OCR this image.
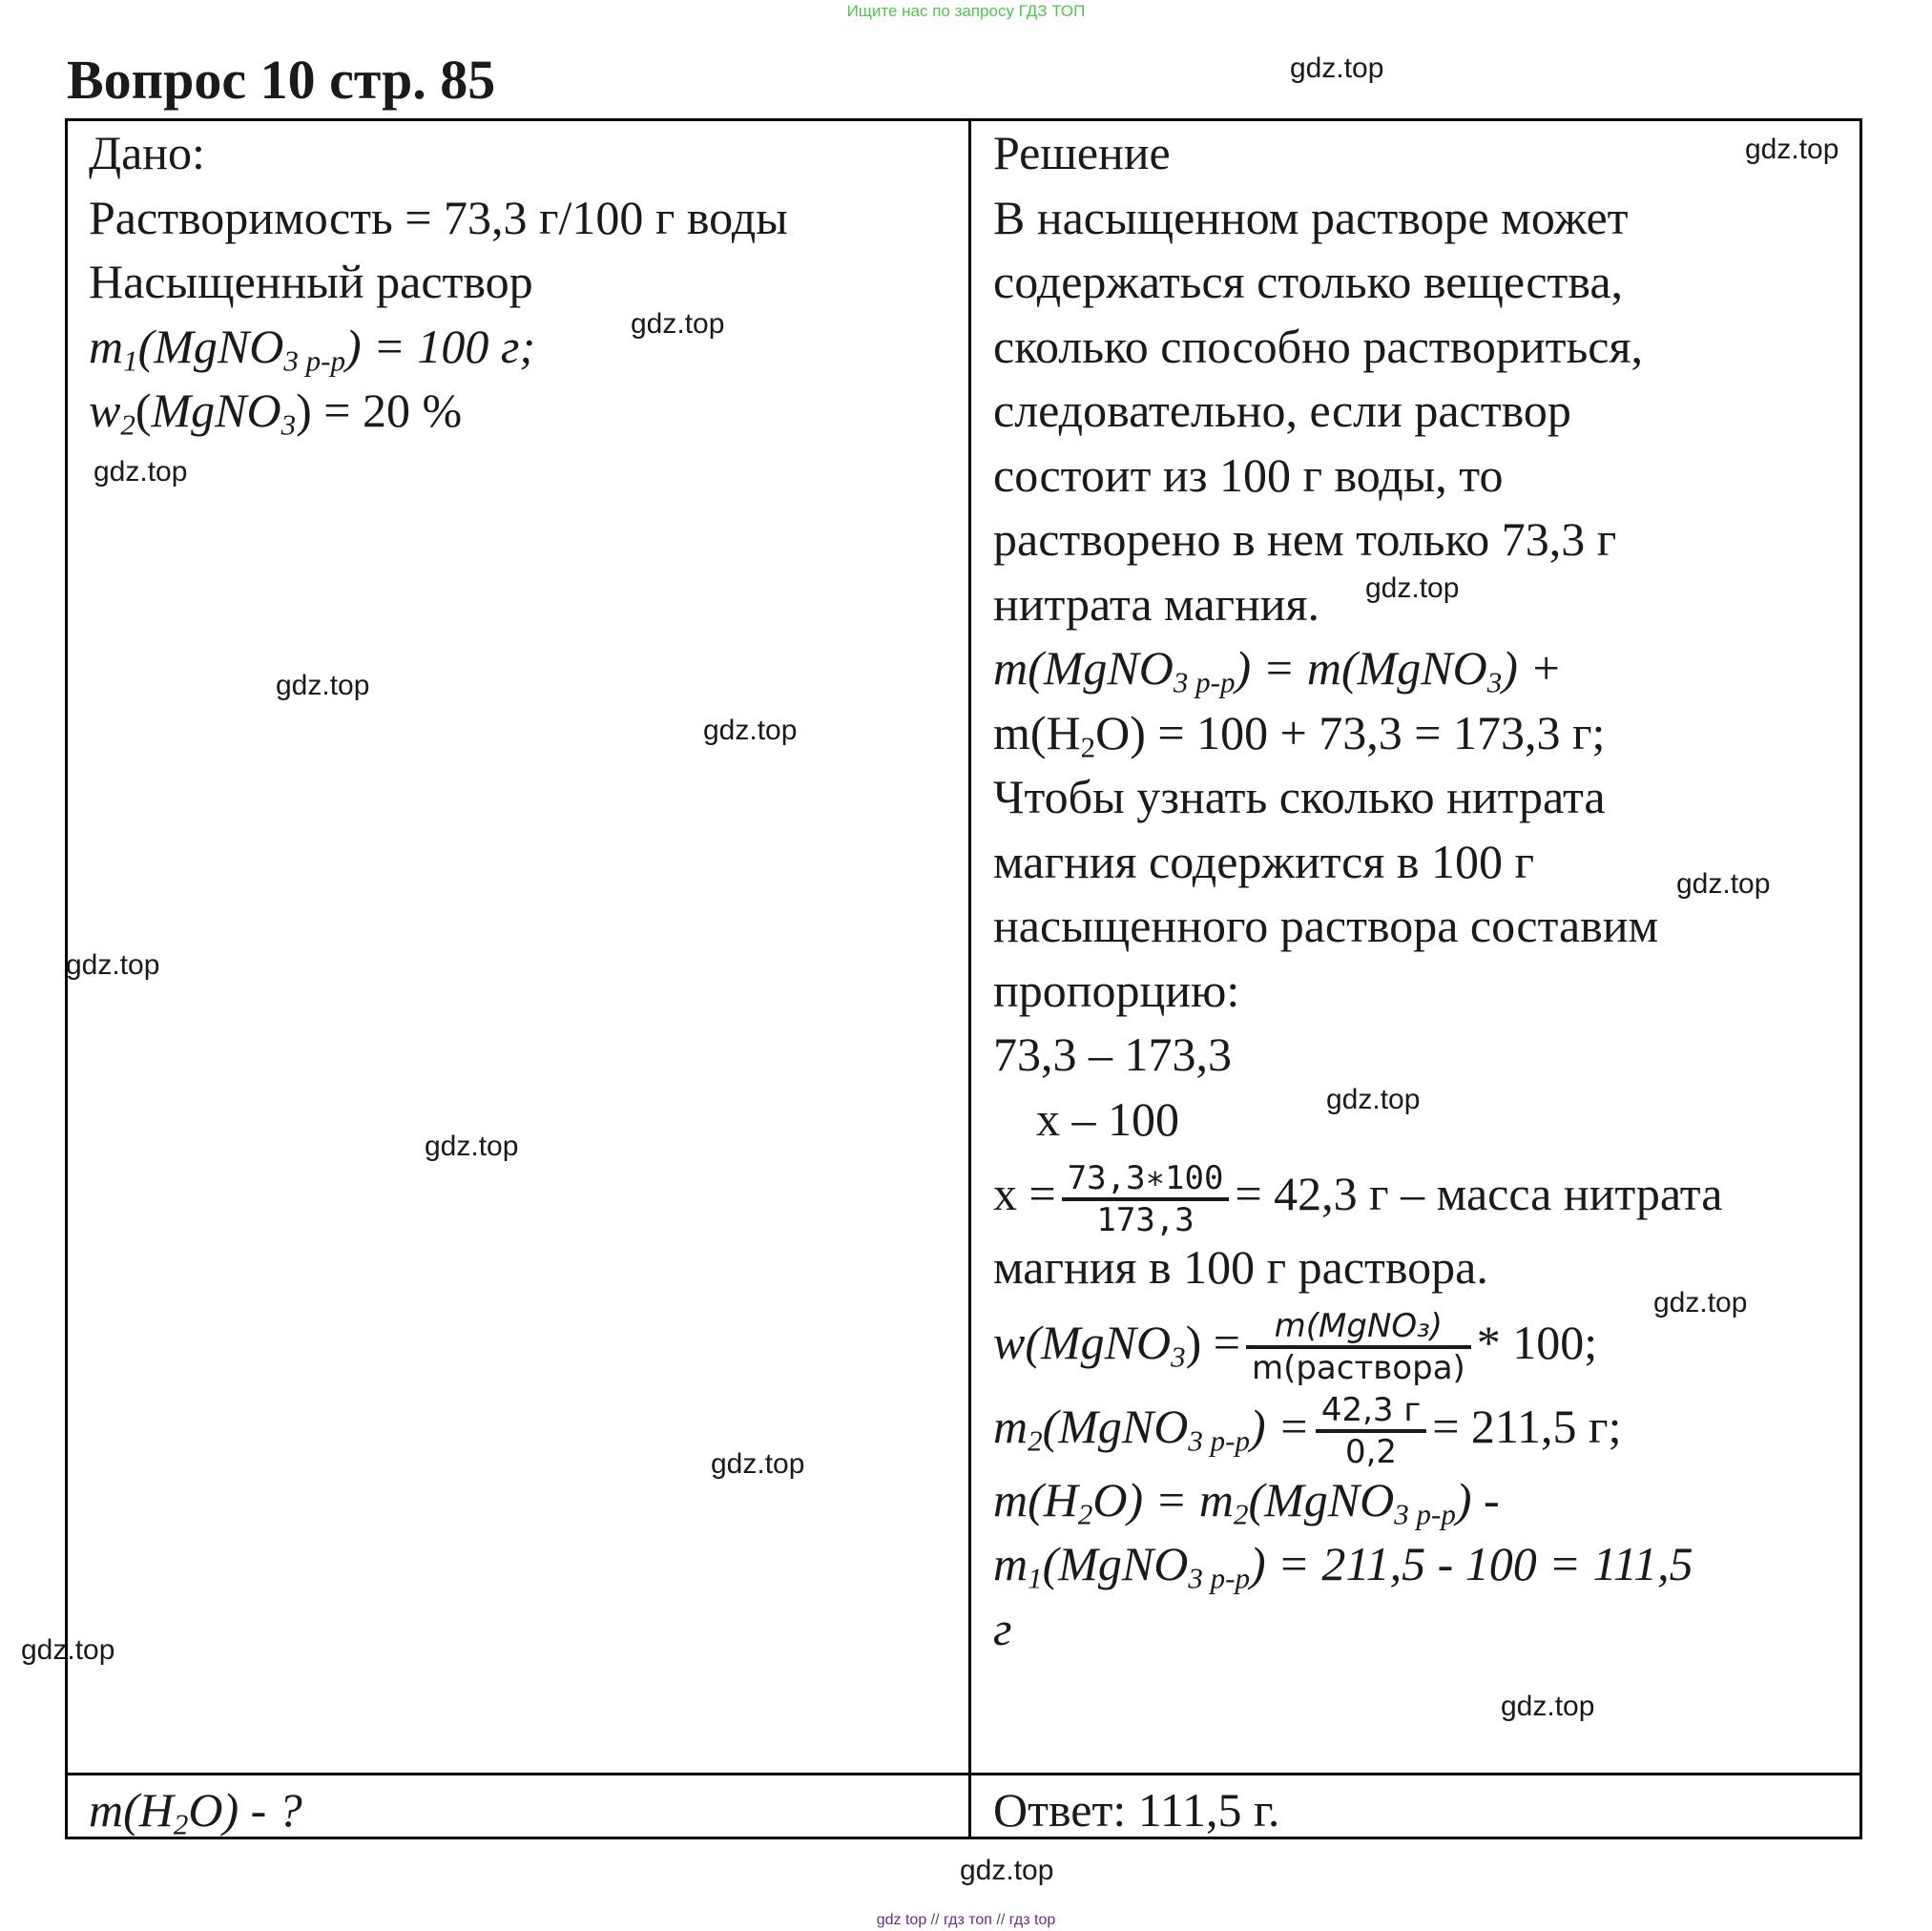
Ищите нас по запросу ГДЗ ТОП
Вопрос 10 стр. 85
Дано:
Растворимость = 73,3 г/100 г воды
Насыщенный раствор
$m_1(MgNO_{3 р-р}) = 100$ г;
$w_2(MgNO_3) = 20$ %
Решение
В насыщенном растворе может
содержаться столько вещества,
сколько способно раствориться,
следовательно, если раствор
состоит из 100 г воды, то
растворено в нем только 73,3 г
нитрата магния.
m(MgNO$_{3 р-р}$) = m(MgNO$_3$) +
$m(H_2O) = 100 + 73,3 = 173,3$ г;
Чтобы узнать сколько нитрата
магния содержится в 100 г
насыщенного раствора составим
пропорцию:
73,3 – 173,3
x – 100
$x = \frac{73,3∗100}{173,3} = 42,3$ г – масса нитрата
магния в 100 г раствора.
w(MgNO$_3$) = $\frac{\text{m(MgNO₃)}}{\text{m(раствора)}} * 100$;
$m_2(MgNO_{3 р-р}) = \frac{42,3 г}{0,2} = 211,5$ г;
$m(H_2O)$ = $m_2(MgNO_{3 р-р})$ -
$m_1(MgNO_{3 р-р}) = 211,5 - 100 = 111,5$
г
$m(H_2O)$ - ?	Ответ: 111,5 г.
gdz.top
gdz.top
gdz.top
gdz.top
gdz.top
gdz.top
gdz.top
gdz.top
gdz.top
gdz.top
gdz.top
gdz.top
gdz.top
gdz.top
gdz.top
gdz.top
gdz top // гдз топ // гдз top
